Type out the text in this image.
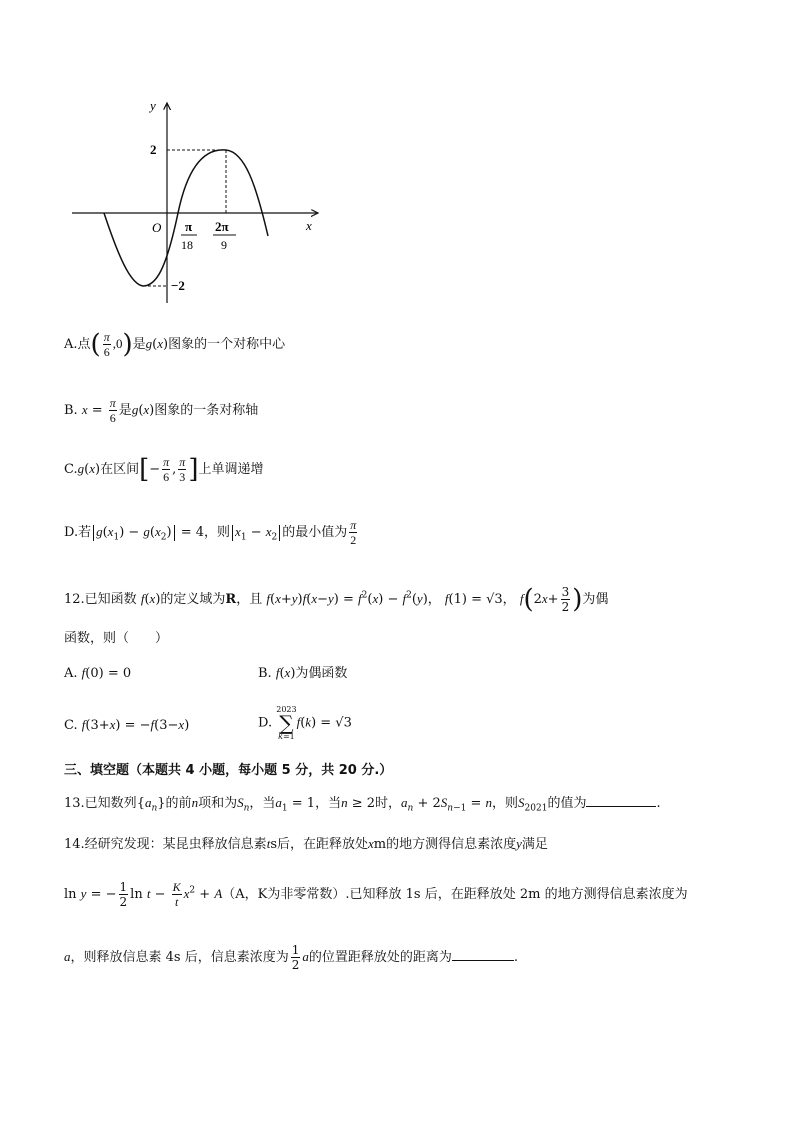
y
x
O
2
−2
π
18
2π
9
A.点( $\frac{\pi}{6} ,0$)是g(x)图象的一个对称中心
B. $x = \frac{\pi}{6}$ 是g(x)图象的一条对称轴
C.g(x)在区间[− $\frac{\pi}{6}$ , $\frac{\pi}{3}$ ]上单调递增
D.若 $g(x_1) - g(x_2) = 4$，则 $x_1 - x_2$ 的最小值为 $\frac{\pi}{2}$
12.已知函数 f(x)的定义域为R，且 $f(x+y)f(x-y) = f^2(x) - f^2(y)$， f(1) = √3， $f(2x+ \frac{3}{2}$ )为偶
函数，则（　　）
A. f(0) = 0	B. f(x)为偶函数
C. f(3+x) = −f(3−x)	D.
2023
∑
k=1
f(k) = √3
三、填空题（本题共 4 小题，每小题 5 分，共 20 分.）
13.已知数列$\{a_n\}$的前n项和为$S_n$，当$a_1 = 1$，当n ≥ 2时，$a_n + 2S_{n-1} = n$，则$S_{2021}$的值为	.
14.经研究发现：某昆虫释放信息素ts后，在距释放处xm的地方测得信息素浓度y满足
ln y = − $\frac{1}{2}$ $\ln t - \frac{K}{t} x^2 + A(A$，K为非零常数）.已知释放 1s 后，在距释放处 2m 的地方测得信息素浓度为
a，则释放信息素 4s 后，信息素浓度为 $\frac{1}{2}$ a的位置距释放处的距离为	.
